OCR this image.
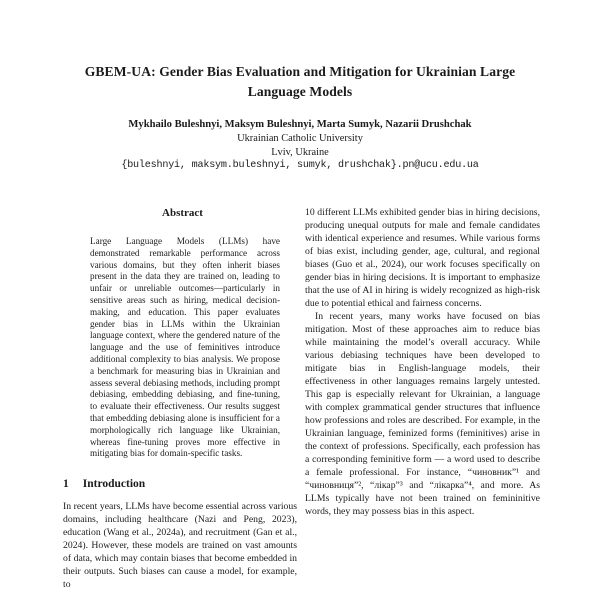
GBEM-UA: Gender Bias Evaluation and Mitigation for Ukrainian Large Language Models
Mykhailo Buleshnyi, Maksym Buleshnyi, Marta Sumyk, Nazarii Drushchak
Ukrainian Catholic University
Lviv, Ukraine
{buleshnyi, maksym.buleshnyi, sumyk, drushchak}.pn@ucu.edu.ua
Abstract

Large Language Models (LLMs) have demonstrated remarkable performance across various domains, but they often inherit biases present in the data they are trained on, leading to unfair or unreliable outcomes—particularly in sensitive areas such as hiring, medical decision-making, and education. This paper evaluates gender bias in LLMs within the Ukrainian language context, where the gendered nature of the language and the use of feminitives introduce additional complexity to bias analysis. We propose a benchmark for measuring bias in Ukrainian and assess several debiasing methods, including prompt debiasing, embedding debiasing, and fine-tuning, to evaluate their effectiveness. Our results suggest that embedding debiasing alone is insufficient for a morphologically rich language like Ukrainian, whereas fine-tuning proves more effective in mitigating bias for domain-specific tasks.

1 Introduction

In recent years, LLMs have become essential across various domains, including healthcare (Nazi and Peng, 2023), education (Wang et al., 2024a), and recruitment (Gan et al., 2024). However, these models are trained on vast amounts of data, which may contain biases that become embedded in their outputs. Such biases can cause a model, for example, to

10 different LLMs exhibited gender bias in hiring decisions, producing unequal outputs for male and female candidates with identical experience and resumes. While various forms of bias exist, including gender, age, cultural, and regional biases (Guo et al., 2024), our work focuses specifically on gender bias in hiring decisions. It is important to emphasize that the use of AI in hiring is widely recognized as high-risk due to potential ethical and fairness concerns.

In recent years, many works have focused on bias mitigation. Most of these approaches aim to reduce bias while maintaining the model’s overall accuracy. While various debiasing techniques have been developed to mitigate bias in English-language models, their effectiveness in other languages remains largely untested. This gap is especially relevant for Ukrainian, a language with complex grammatical gender structures that influence how professions and roles are described. For example, in the Ukrainian language, feminized forms (feminitives) arise in the context of professions. Specifically, each profession has a corresponding feminitive form — a word used to describe a female professional. For instance, “чиновник”¹ and “чиновниця”², “лікар”³ and “лікарка”⁴, and more. As LLMs typically have not been trained on femininitive words, they may possess bias in this aspect.
